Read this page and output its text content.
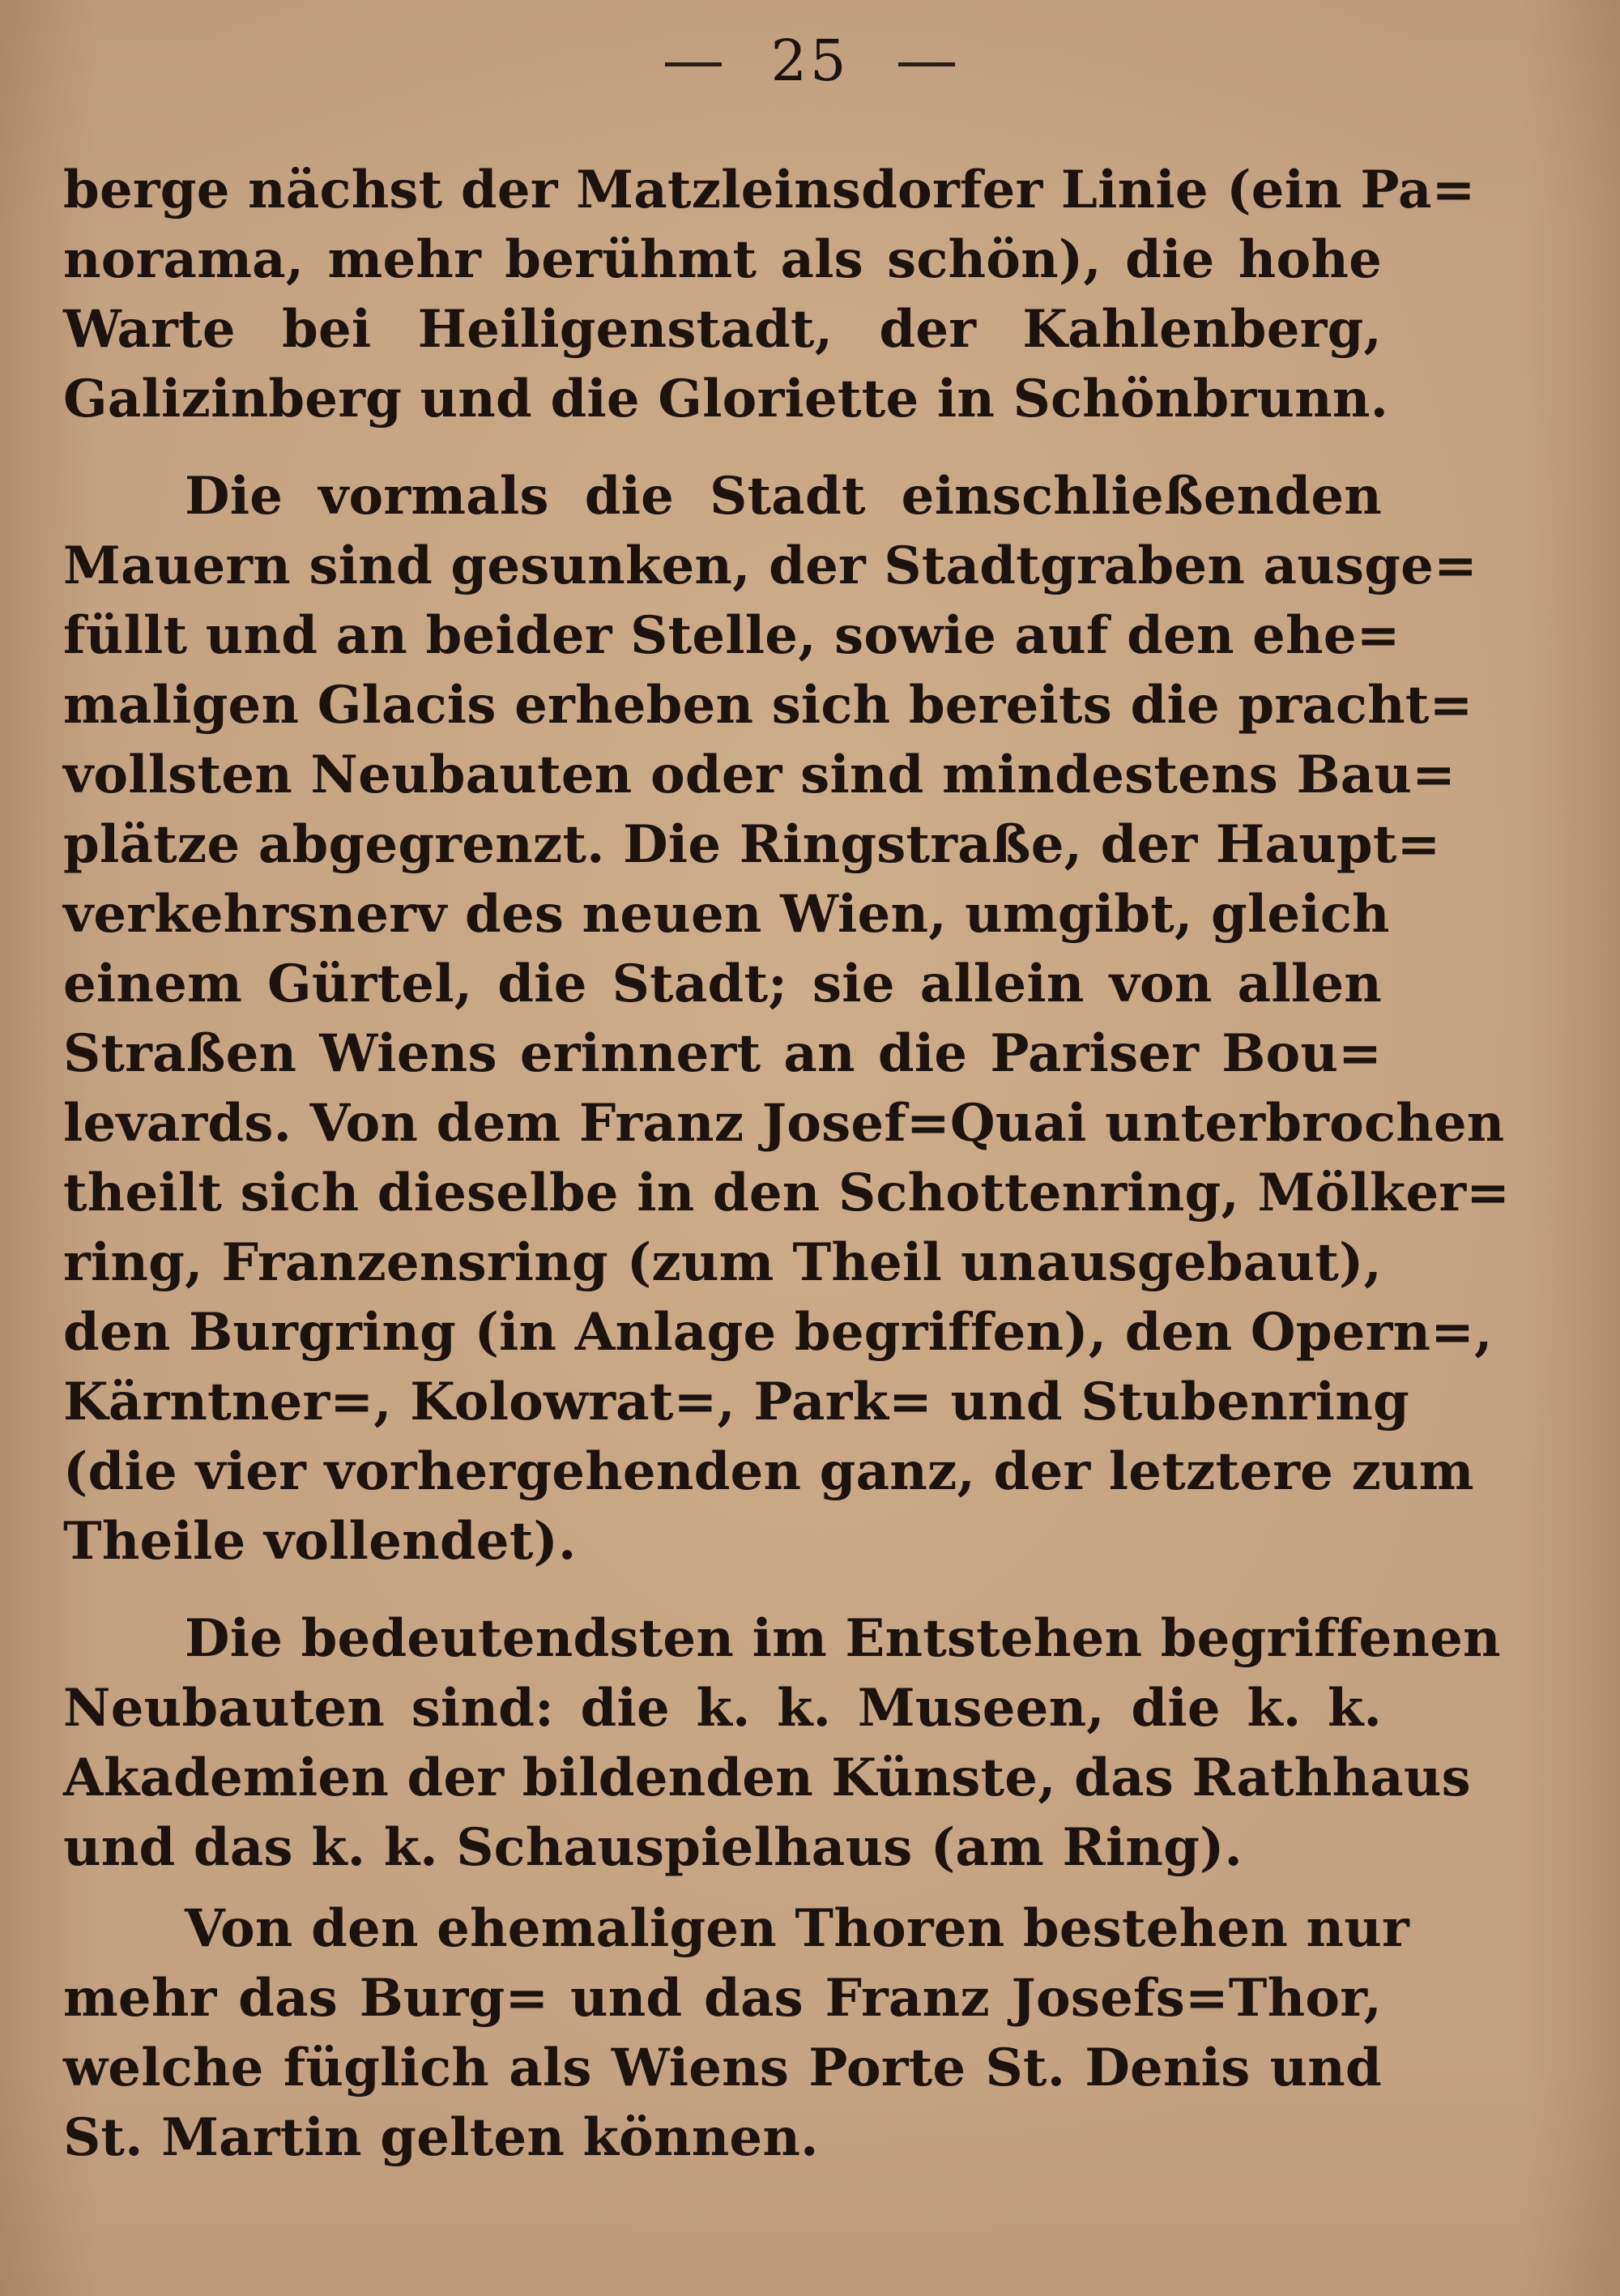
25
berge nächst der Matzleinsdorfer Linie (ein Pa=
norama, mehr berühmt als schön), die hohe
Warte bei Heiligenstadt, der Kahlenberg,
Galizinberg und die Gloriette in Schönbrunn.
Die vormals die Stadt einschließenden
Mauern sind gesunken, der Stadtgraben ausge=
füllt und an beider Stelle, sowie auf den ehe=
maligen Glacis erheben sich bereits die pracht=
vollsten Neubauten oder sind mindestens Bau=
plätze abgegrenzt. Die Ringstraße, der Haupt=
verkehrsnerv des neuen Wien, umgibt, gleich
einem Gürtel, die Stadt; sie allein von allen
Straßen Wiens erinnert an die Pariser Bou=
levards. Von dem Franz Josef=Quai unterbrochen
theilt sich dieselbe in den Schottenring, Mölker=
ring, Franzensring (zum Theil unausgebaut),
den Burgring (in Anlage begriffen), den Opern=,
Kärntner=, Kolowrat=, Park= und Stubenring
(die vier vorhergehenden ganz, der letztere zum
Theile vollendet).
Die bedeutendsten im Entstehen begriffenen
Neubauten sind: die k. k. Museen, die k. k.
Akademien der bildenden Künste, das Rathhaus
und das k. k. Schauspielhaus (am Ring).
Von den ehemaligen Thoren bestehen nur
mehr das Burg= und das Franz Josefs=Thor,
welche füglich als Wiens Porte St. Denis und
St. Martin gelten können.
